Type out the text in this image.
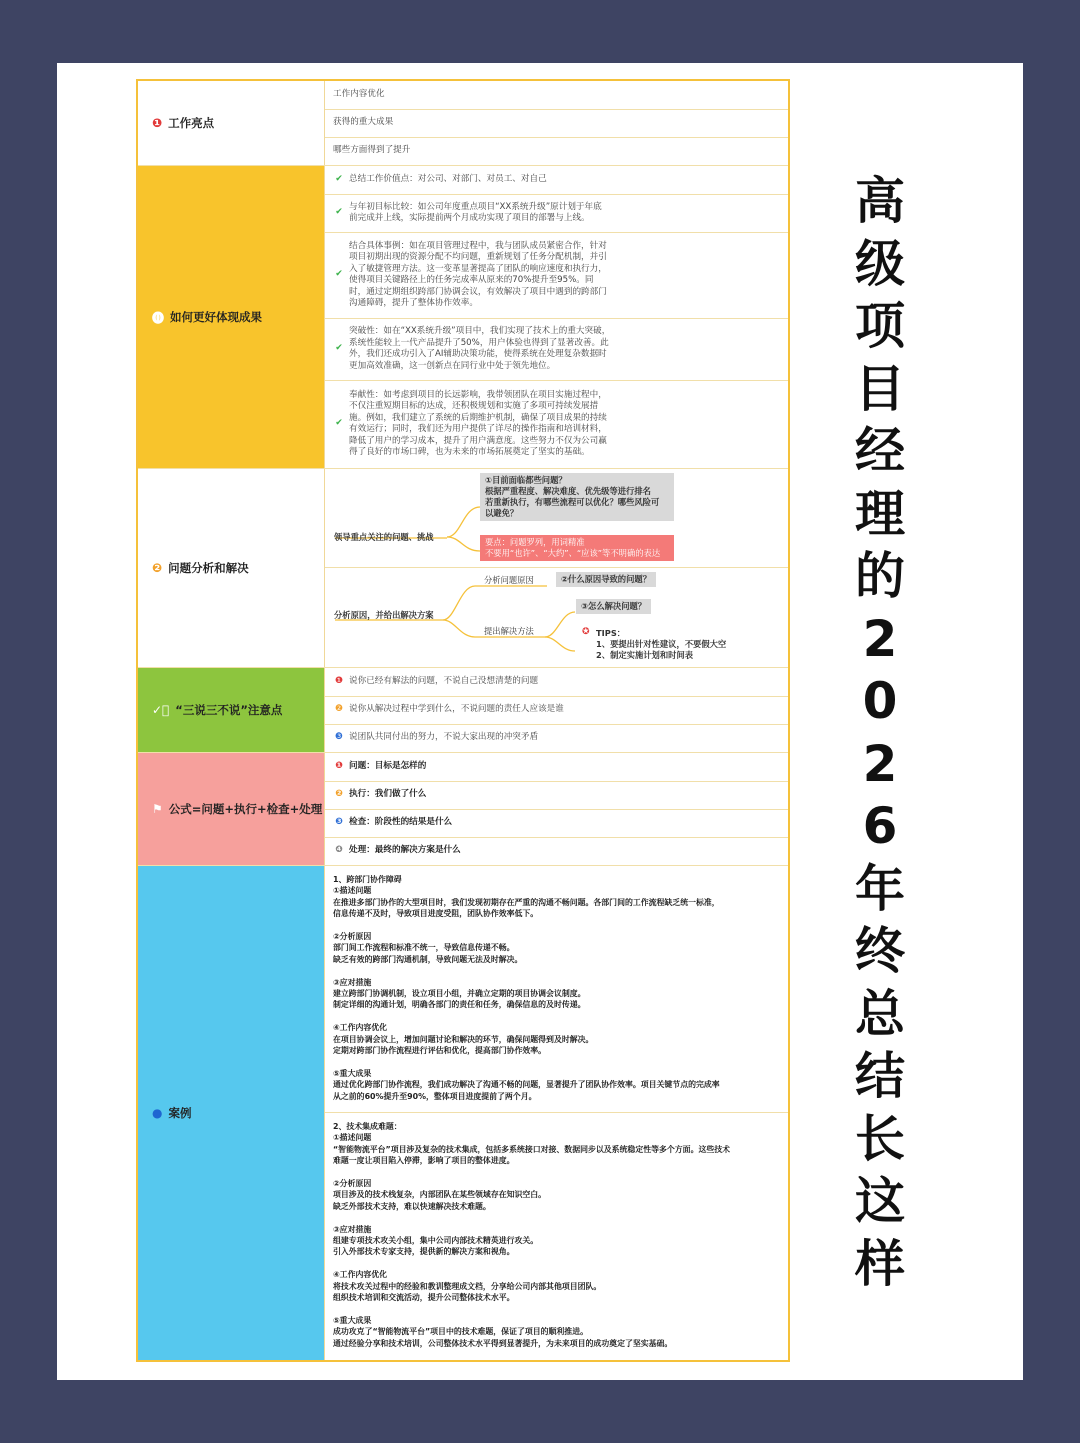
高
级
项
目
经
理
的
2
0
2
6
年
终
总
结
长
这
样
❶ 工作亮点
工作内容优化
获得的重大成果
哪些方面得到了提升
⓿ 如何更好体现成果
✔ 总结工作价值点：对公司、对部门、对员工、对自己
✔
与年初目标比较：如公司年度重点项目“XX系统升级”原计划于年底
前完成并上线，实际提前两个月成功实现了项目的部署与上线。
✔
结合具体事例：如在项目管理过程中，我与团队成员紧密合作，针对
项目初期出现的资源分配不均问题，重新规划了任务分配机制，并引
入了敏捷管理方法。这一变革显著提高了团队的响应速度和执行力，
使得项目关键路径上的任务完成率从原来的70%提升至95%。同
时，通过定期组织跨部门协调会议，有效解决了项目中遇到的跨部门
沟通障碍，提升了整体协作效率。
✔
突破性：如在“XX系统升级”项目中，我们实现了技术上的重大突破，
系统性能较上一代产品提升了50%，用户体验也得到了显著改善。此
外，我们还成功引入了AI辅助决策功能，使得系统在处理复杂数据时
更加高效准确，这一创新点在同行业中处于领先地位。
✔
奉献性：如考虑到项目的长远影响，我带领团队在项目实施过程中，
不仅注重短期目标的达成，还积极规划和实施了多项可持续发展措
施。例如，我们建立了系统的后期维护机制，确保了项目成果的持续
有效运行；同时，我们还为用户提供了详尽的操作指南和培训材料，
降低了用户的学习成本，提升了用户满意度。这些努力不仅为公司赢
得了良好的市场口碑，也为未来的市场拓展奠定了坚实的基础。
❷ 问题分析和解决
领导重点关注的问题、挑战
①目前面临都些问题？
根据严重程度、解决难度、优先级等进行排名
若重新执行，有哪些流程可以优化？哪些风险可
以避免？
要点：问题罗列，用词精准
不要用“也许”、“大约”、“应该”等不明确的表达
分析原因，并给出解决方案
分析问题原因	②什么原因导致的问题？
提出解决方法
③怎么解决问题？
✪ TIPS：
1、要提出针对性建议，不要假大空
2、制定实施计划和时间表
✓⃝ “三说三不说”注意点
❶ 说你已经有解法的问题，不说自己没想清楚的问题
❷ 说你从解决过程中学到什么，不说问题的责任人应该是谁
❸ 说团队共同付出的努力，不说大家出现的冲突矛盾
⚑ 公式=问题+执行+检查+处理
❶ 问题：目标是怎样的
❷ 执行：我们做了什么
❸ 检查：阶段性的结果是什么
❹ 处理：最终的解决方案是什么
● 案例
1、跨部门协作障碍
①描述问题
在推进多部门协作的大型项目时，我们发现初期存在严重的沟通不畅问题。各部门间的工作流程缺乏统一标准，
信息传递不及时，导致项目进度受阻，团队协作效率低下。

②分析原因
部门间工作流程和标准不统一，导致信息传递不畅。
缺乏有效的跨部门沟通机制，导致问题无法及时解决。

③应对措施
建立跨部门协调机制，设立项目小组，并确立定期的项目协调会议制度。
制定详细的沟通计划，明确各部门的责任和任务，确保信息的及时传递。

④工作内容优化
在项目协调会议上，增加问题讨论和解决的环节，确保问题得到及时解决。
定期对跨部门协作流程进行评估和优化，提高部门协作效率。

⑤重大成果
通过优化跨部门协作流程，我们成功解决了沟通不畅的问题，显著提升了团队协作效率。项目关键节点的完成率
从之前的60%提升至90%，整体项目进度提前了两个月。
2、技术集成难题：
①描述问题
“智能物流平台”项目涉及复杂的技术集成，包括多系统接口对接、数据同步以及系统稳定性等多个方面。这些技术
难题一度让项目陷入停滞，影响了项目的整体进度。

②分析原因
项目涉及的技术栈复杂，内部团队在某些领域存在知识空白。
缺乏外部技术支持，难以快速解决技术难题。

③应对措施
组建专项技术攻关小组，集中公司内部技术精英进行攻关。
引入外部技术专家支持，提供新的解决方案和视角。

④工作内容优化
将技术攻关过程中的经验和教训整理成文档，分享给公司内部其他项目团队。
组织技术培训和交流活动，提升公司整体技术水平。

⑤重大成果
成功攻克了“智能物流平台”项目中的技术难题，保证了项目的顺利推进。
通过经验分享和技术培训，公司整体技术水平得到显著提升，为未来项目的成功奠定了坚实基础。
